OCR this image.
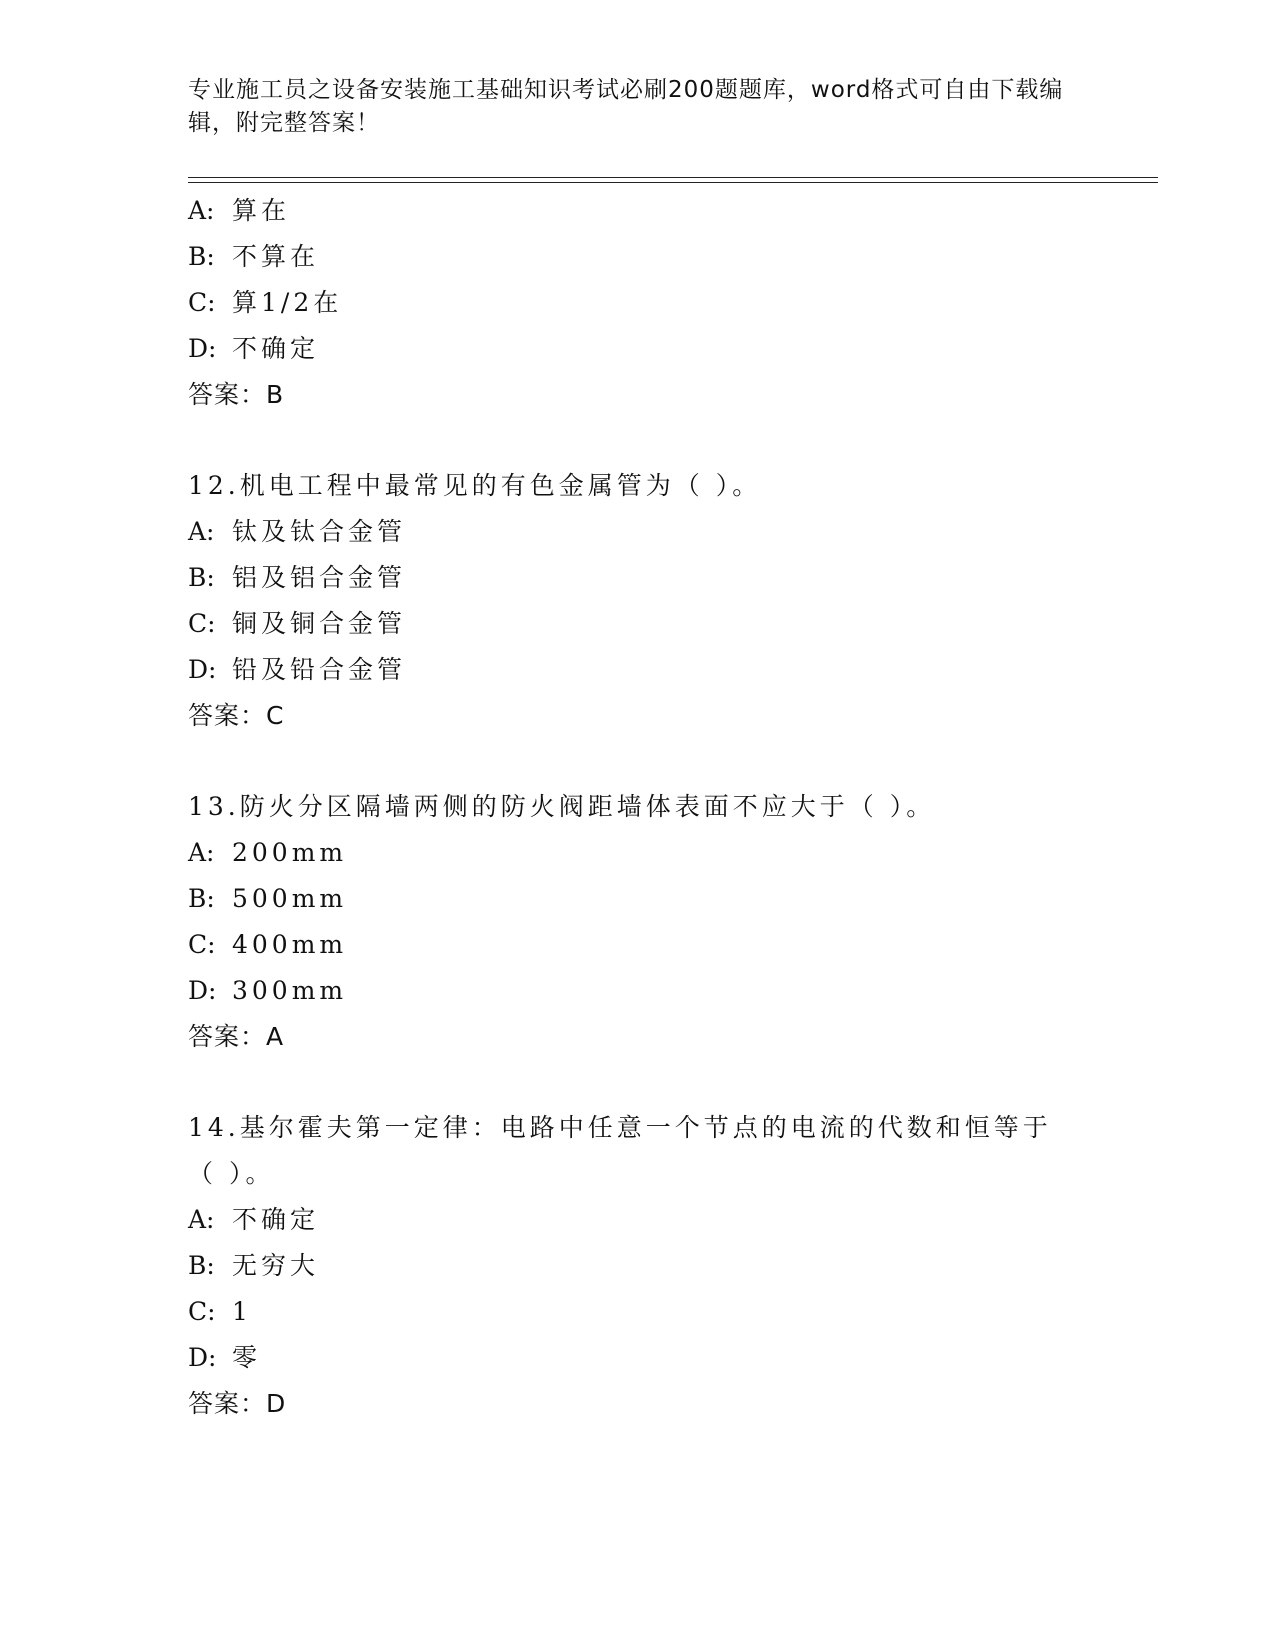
专业施工员之设备安装施工基础知识考试必刷200题题库，word格式可自由下载编辑，附完整答案！
A: 算在
B: 不算在
C: 算1/2在
D: 不确定
答案：B
12.机电工程中最常见的有色金属管为（ ）。
A: 钛及钛合金管
B: 铝及铝合金管
C: 铜及铜合金管
D: 铅及铅合金管
答案：C
13.防火分区隔墙两侧的防火阀距墙体表面不应大于（ ）。
A: 200mm
B: 500mm
C: 400mm
D: 300mm
答案：A
14.基尔霍夫第一定律：电路中任意一个节点的电流的代数和恒等于（ ）。
A: 不确定
B: 无穷大
C: 1
D: 零
答案：D
